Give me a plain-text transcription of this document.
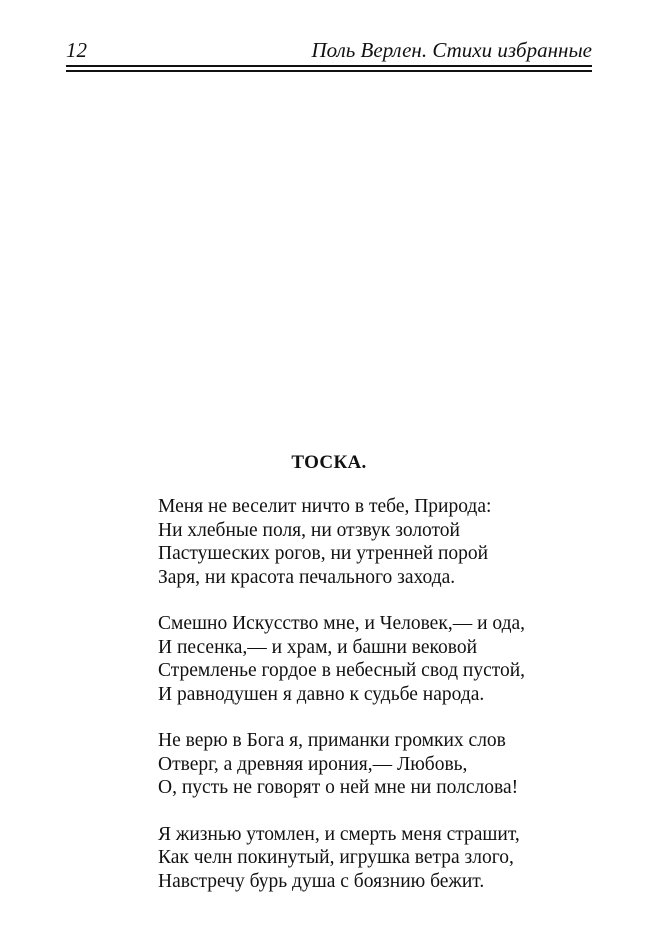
12	Поль Верлен. Стихи избранные
ТОСКА.
Меня не веселит ничто в тебе, Природа:
Ни хлебные поля, ни отзвук золотой
Пастушеских рогов, ни утренней порой
Заря, ни красота печального захода.
Смешно Искусство мне, и Человек,— и ода,
И песенка,— и храм, и башни вековой
Стремленье гордое в небесный свод пустой,
И равнодушен я давно к судьбе народа.
Не верю в Бога я, приманки громких слов
Отверг, а древняя ирония,— Любовь,
О, пусть не говорят о ней мне ни полслова!
Я жизнью утомлен, и смерть меня страшит,
Как челн покинутый, игрушка ветра злого,
Навстречу бурь душа с боязнию бежит.
